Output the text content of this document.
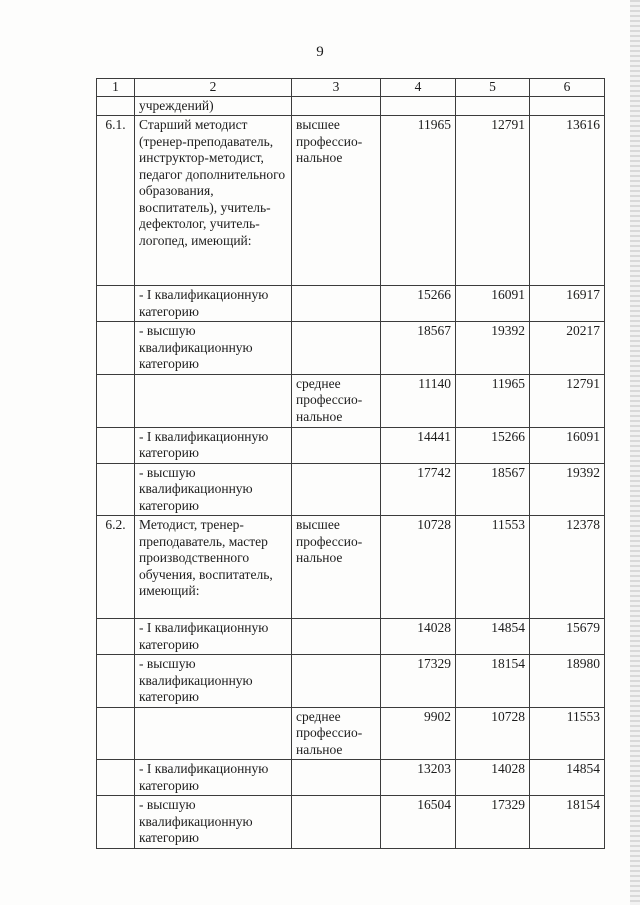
9
1	2	3	4	5	6
	учреждений)				
6.1.	Старший методист (тренер-преподаватель, инструктор-методист, педагог дополнительного образования, воспитатель), учитель-дефектолог, учитель-логопед, имеющий:	высшее профессио-нальное	11965	12791	13616
	- I квалификационную категорию		15266	16091	16917
	- высшую квалификационную категорию		18567	19392	20217
		среднее профессио-нальное	11140	11965	12791
	- I квалификационную категорию		14441	15266	16091
	- высшую квалификационную категорию		17742	18567	19392
6.2.	Методист, тренер-преподаватель, мастер производственного обучения, воспитатель, имеющий:	высшее профессио-нальное	10728	11553	12378
	- I квалификационную категорию		14028	14854	15679
	- высшую квалификационную категорию		17329	18154	18980
		среднее профессио-нальное	9902	10728	11553
	- I квалификационную категорию		13203	14028	14854
	- высшую квалификационную категорию		16504	17329	18154
